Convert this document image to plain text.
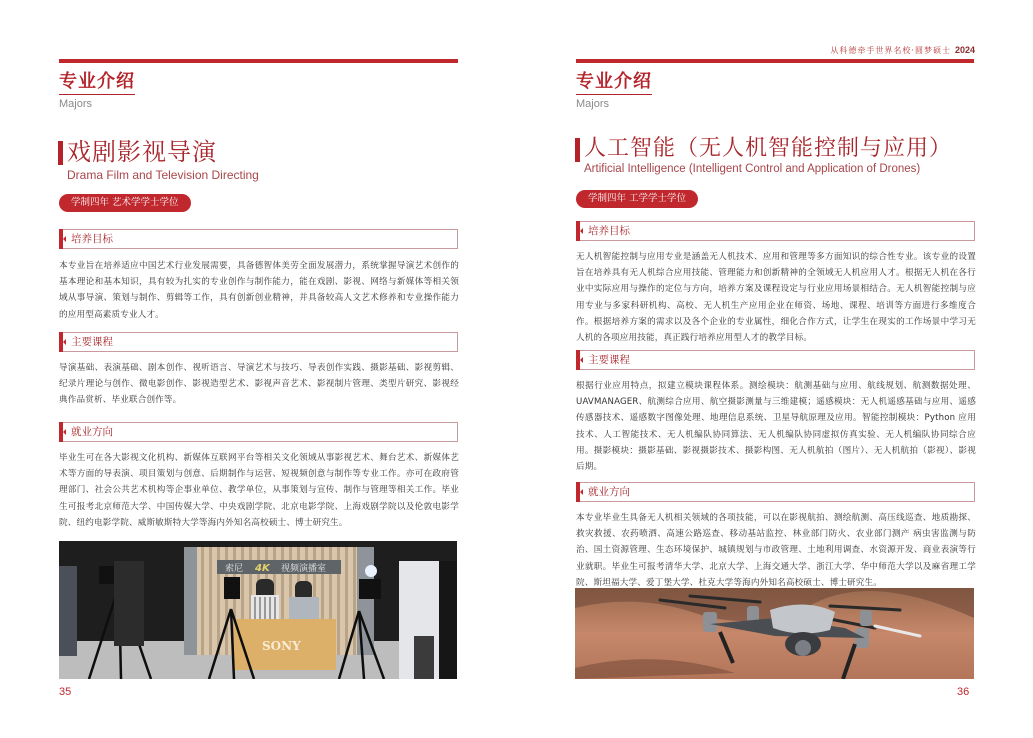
专业介绍
Majors
戏剧影视导演
Drama Film and Television Directing
学制四年 艺术学学士学位
培养目标
本专业旨在培养适应中国艺术行业发展需要，具备德智体美劳全面发展潜力，系统掌握导演艺术创作的基本理论和基本知识，具有较为扎实的专业创作与制作能力，能在戏剧、影视、网络与新媒体等相关领域从事导演、策划与制作、剪辑等工作，具有创新创业精神，并具备较高人文艺术修养和专业操作能力的应用型高素质专业人才。
主要课程
导演基础、表演基础、剧本创作、视听语言、导演艺术与技巧、导表创作实践、摄影基础、影视剪辑、纪录片理论与创作、微电影创作、影视造型艺术、影视声音艺术、影视制片管理、类型片研究、影视经典作品赏析、毕业联合创作等。
就业方向
毕业生可在各大影视文化机构、新媒体互联网平台等相关文化领域从事影视艺术、舞台艺术、新媒体艺术等方面的导表演、项目策划与创意、后期制作与运营、短视频创意与制作等专业工作。亦可在政府管理部门、社会公共艺术机构等企事业单位、教学单位，从事策划与宣传、制作与管理等相关工作。毕业生可报考北京师范大学、中国传媒大学、中央戏剧学院、北京电影学院、上海戏剧学院以及伦敦电影学院、纽约电影学院、威斯敏斯特大学等海内外知名高校硕士、博士研究生。
索尼 4K 视频演播室
SONY
35
从科德牵手世界名校·圆梦硕士 2024
专业介绍
Majors
人工智能（无人机智能控制与应用）
Artificial Intelligence (Intelligent Control and Application of Drones)
学制四年 工学学士学位
培养目标
无人机智能控制与应用专业是涵盖无人机技术、应用和管理等多方面知识的综合性专业。该专业的设置旨在培养具有无人机综合应用技能、管理能力和创新精神的全领域无人机应用人才。根据无人机在各行业中实际应用与操作的定位与方向，培养方案及课程设定与行业应用场景相结合。无人机智能控制与应用专业与多家科研机构、高校、无人机生产应用企业在师资、场地、课程、培训等方面进行多维度合作。根据培养方案的需求以及各个企业的专业属性，细化合作方式，让学生在现实的工作场景中学习无人机的各项应用技能，真正践行培养应用型人才的教学目标。
主要课程
根据行业应用特点，拟建立模块课程体系。测绘模块：航测基础与应用、航线规划、航测数据处理、UAVMANAGER、航测综合应用、航空摄影测量与三维建模；遥感模块：无人机遥感基础与应用、遥感传感器技术、遥感数字图像处理、地理信息系统、卫星导航原理及应用。智能控制模块：Python 应用技术、人工智能技术、无人机编队协同算法、无人机编队协同虚拟仿真实验、无人机编队协同综合应用。摄影模块：摄影基础、影视摄影技术、摄影构图、无人机航拍（图片）、无人机航拍（影视）、影视后期。
就业方向
本专业毕业生具备无人机相关领域的各项技能，可以在影视航拍、测绘航测、高压线巡查、地质勘探、救灾救援、农药喷洒、高速公路巡查、移动基站监控、林业部门防火、农业部门测产 病虫害监测与防治、国土资源管理、生态环境保护、城镇规划与市政管理、土地利用调查、水资源开发、商业表演等行业就职。毕业生可报考清华大学、北京大学、上海交通大学、浙江大学、华中师范大学以及麻省理工学院、斯坦福大学、爱丁堡大学、杜克大学等海内外知名高校硕士、博士研究生。
36
